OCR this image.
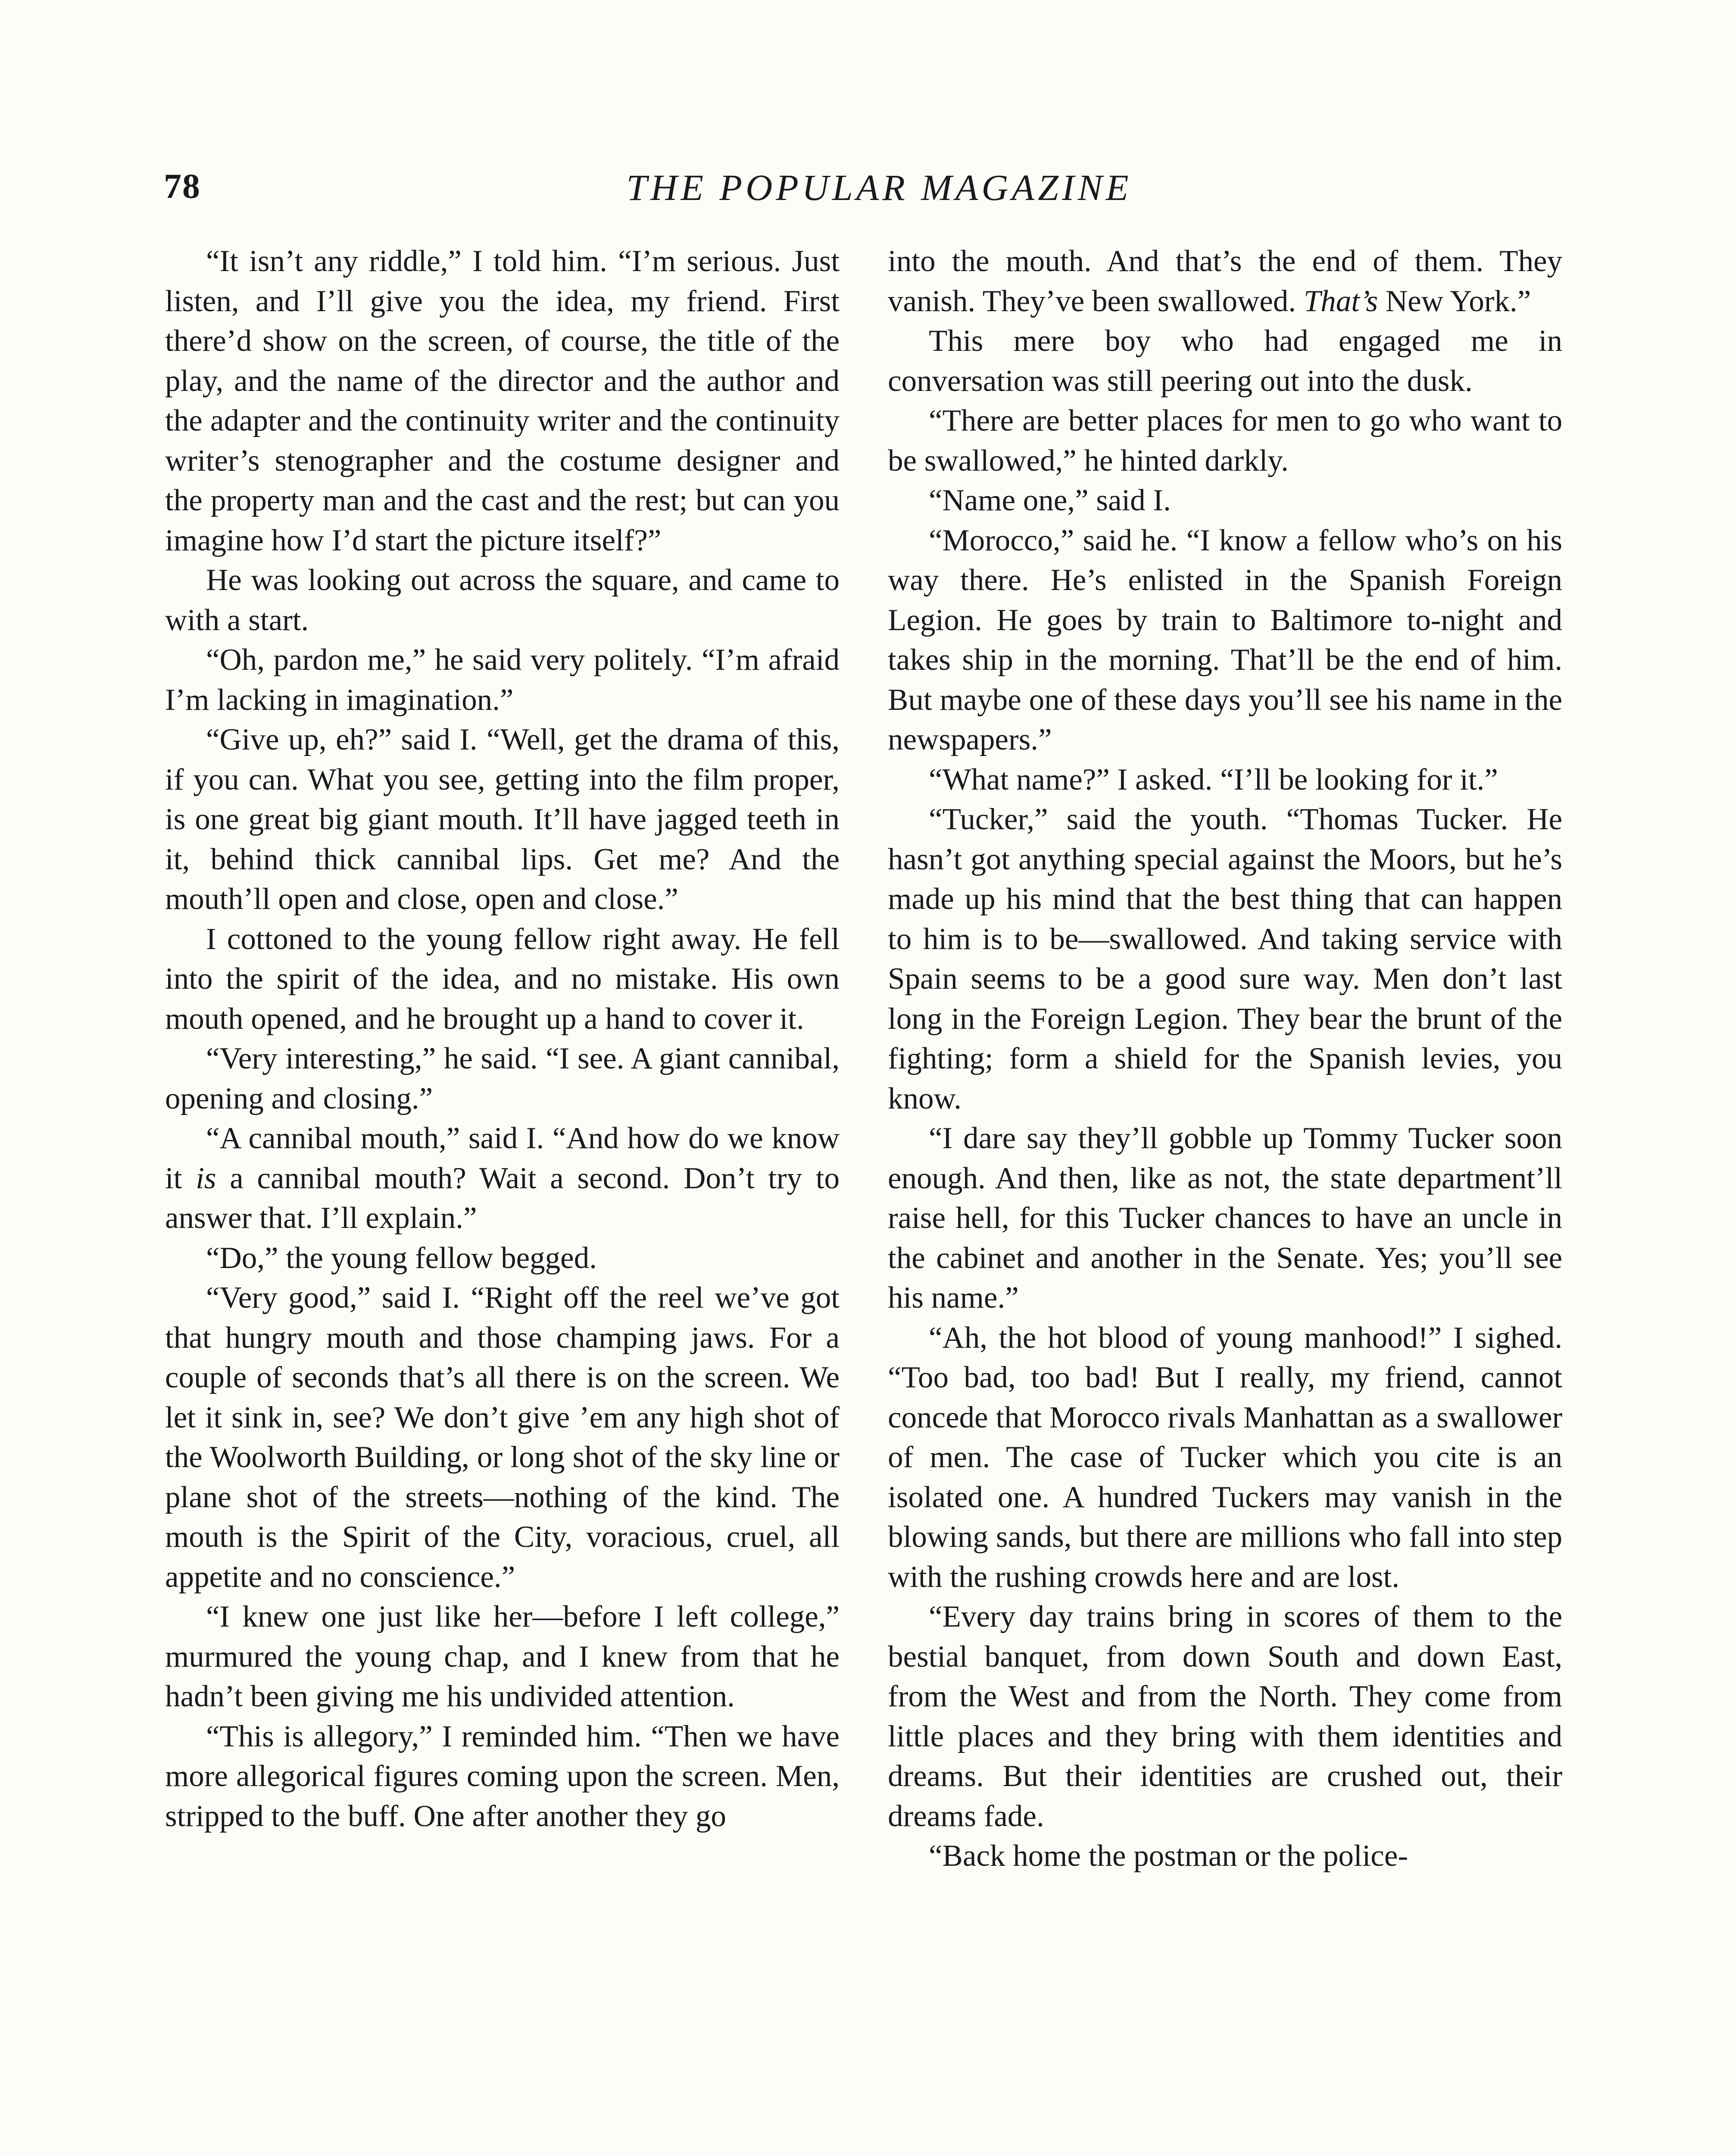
78	THE POPULAR MAGAZINE

“It isn’t any riddle,” I told him. “I’m serious. Just listen, and I’ll give you the idea, my friend. First there’d show on the screen, of course, the title of the play, and the name of the director and the author and the adapter and the continuity writer and the continuity writer’s stenographer and the costume designer and the property man and the cast and the rest; but can you imagine how I’d start the picture itself?”

He was looking out across the square, and came to with a start.

“Oh, pardon me,” he said very politely. “I’m afraid I’m lacking in imagination.”

“Give up, eh?” said I. “Well, get the drama of this, if you can. What you see, getting into the film proper, is one great big giant mouth. It’ll have jagged teeth in it, behind thick cannibal lips. Get me? And the mouth’ll open and close, open and close.”

I cottoned to the young fellow right away. He fell into the spirit of the idea, and no mistake. His own mouth opened, and he brought up a hand to cover it.

“Very interesting,” he said. “I see. A giant cannibal, opening and closing.”

“A cannibal mouth,” said I. “And how do we know it is a cannibal mouth? Wait a second. Don’t try to answer that. I’ll explain.”

“Do,” the young fellow begged.

“Very good,” said I. “Right off the reel we’ve got that hungry mouth and those champing jaws. For a couple of seconds that’s all there is on the screen. We let it sink in, see? We don’t give ’em any high shot of the Woolworth Building, or long shot of the sky line or plane shot of the streets—nothing of the kind. The mouth is the Spirit of the City, voracious, cruel, all appetite and no conscience.”

“I knew one just like her—before I left college,” murmured the young chap, and I knew from that he hadn’t been giving me his undivided attention.

“This is allegory,” I reminded him. “Then we have more allegorical figures coming upon the screen. Men, stripped to the buff. One after another they go

into the mouth. And that’s the end of them. They vanish. They’ve been swallowed. That’s New York.”

This mere boy who had engaged me in conversation was still peering out into the dusk.

“There are better places for men to go who want to be swallowed,” he hinted darkly.

“Name one,” said I.

“Morocco,” said he. “I know a fellow who’s on his way there. He’s enlisted in the Spanish Foreign Legion. He goes by train to Baltimore to-night and takes ship in the morning. That’ll be the end of him. But maybe one of these days you’ll see his name in the newspapers.”

“What name?” I asked. “I’ll be looking for it.”

“Tucker,” said the youth. “Thomas Tucker. He hasn’t got anything special against the Moors, but he’s made up his mind that the best thing that can happen to him is to be—swallowed. And taking service with Spain seems to be a good sure way. Men don’t last long in the Foreign Legion. They bear the brunt of the fighting; form a shield for the Spanish levies, you know.

“I dare say they’ll gobble up Tommy Tucker soon enough. And then, like as not, the state department’ll raise hell, for this Tucker chances to have an uncle in the cabinet and another in the Senate. Yes; you’ll see his name.”

“Ah, the hot blood of young manhood!” I sighed. “Too bad, too bad! But I really, my friend, cannot concede that Morocco rivals Manhattan as a swallower of men. The case of Tucker which you cite is an isolated one. A hundred Tuckers may vanish in the blowing sands, but there are millions who fall into step with the rushing crowds here and are lost.

“Every day trains bring in scores of them to the bestial banquet, from down South and down East, from the West and from the North. They come from little places and they bring with them identities and dreams. But their identities are crushed out, their dreams fade.

“Back home the postman or the police-
